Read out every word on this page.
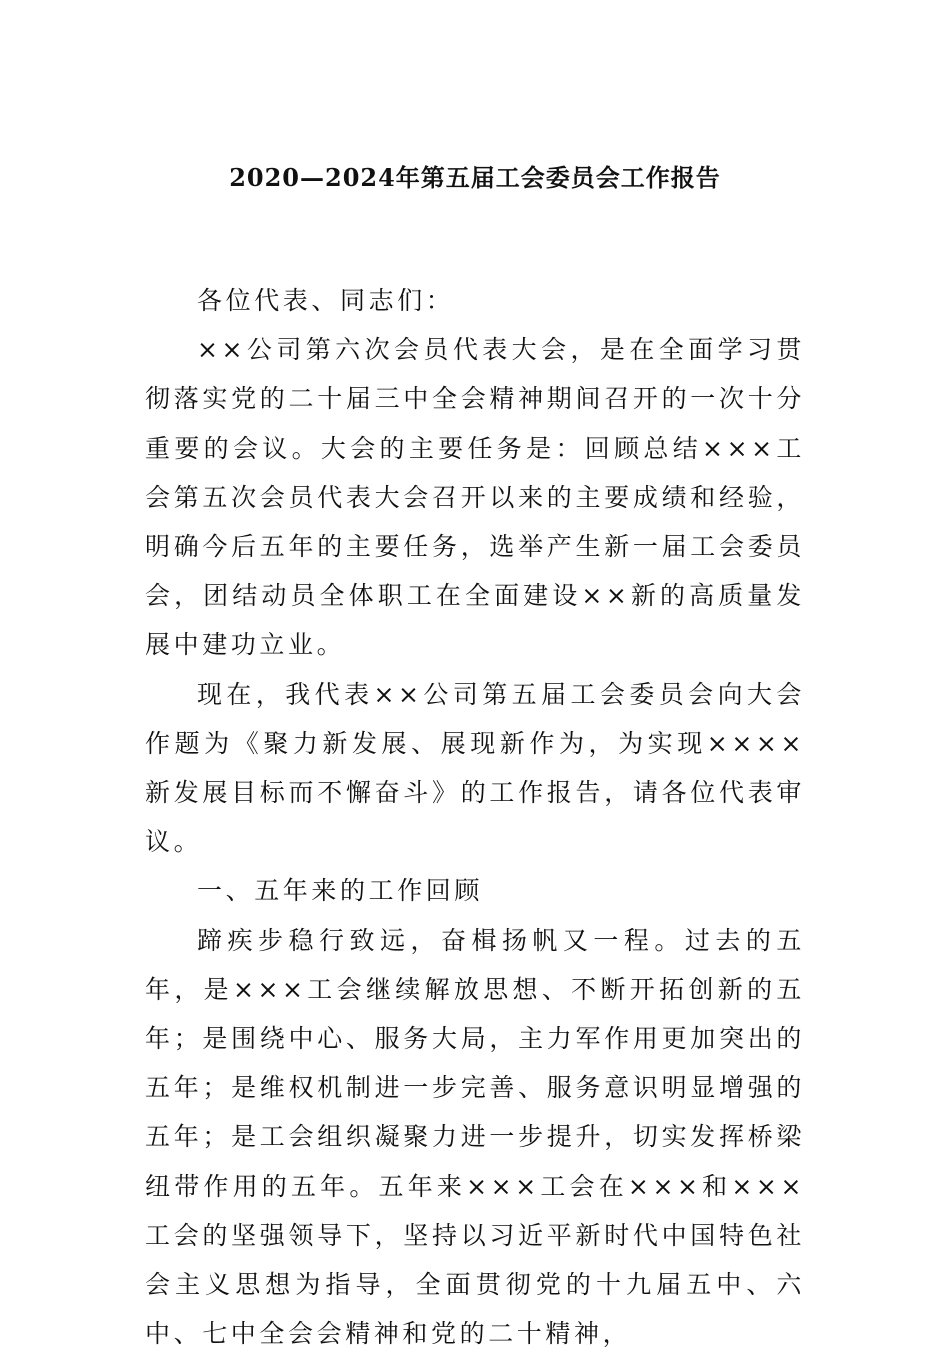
2020—2024年第五届工会委员会工作报告

各位代表、同志们：

××公司第六次会员代表大会，是在全面学习贯彻落实党的二十届三中全会精神期间召开的一次十分重要的会议。大会的主要任务是：回顾总结×××工会第五次会员代表大会召开以来的主要成绩和经验，明确今后五年的主要任务，选举产生新一届工会委员会，团结动员全体职工在全面建设××新的高质量发展中建功立业。

现在，我代表××公司第五届工会委员会向大会作题为《聚力新发展、展现新作为，为实现××××新发展目标而不懈奋斗》的工作报告，请各位代表审议。

一、五年来的工作回顾

蹄疾步稳行致远，奋楫扬帆又一程。过去的五年，是×××工会继续解放思想、不断开拓创新的五年；是围绕中心、服务大局，主力军作用更加突出的五年；是维权机制进一步完善、服务意识明显增强的五年；是工会组织凝聚力进一步提升，切实发挥桥梁纽带作用的五年。五年来×××工会在×××和×××工会的坚强领导下，坚持以习近平新时代中国特色社会主义思想为指导，全面贯彻党的十九届五中、六中、七中全会会精神和党的二十精神，
